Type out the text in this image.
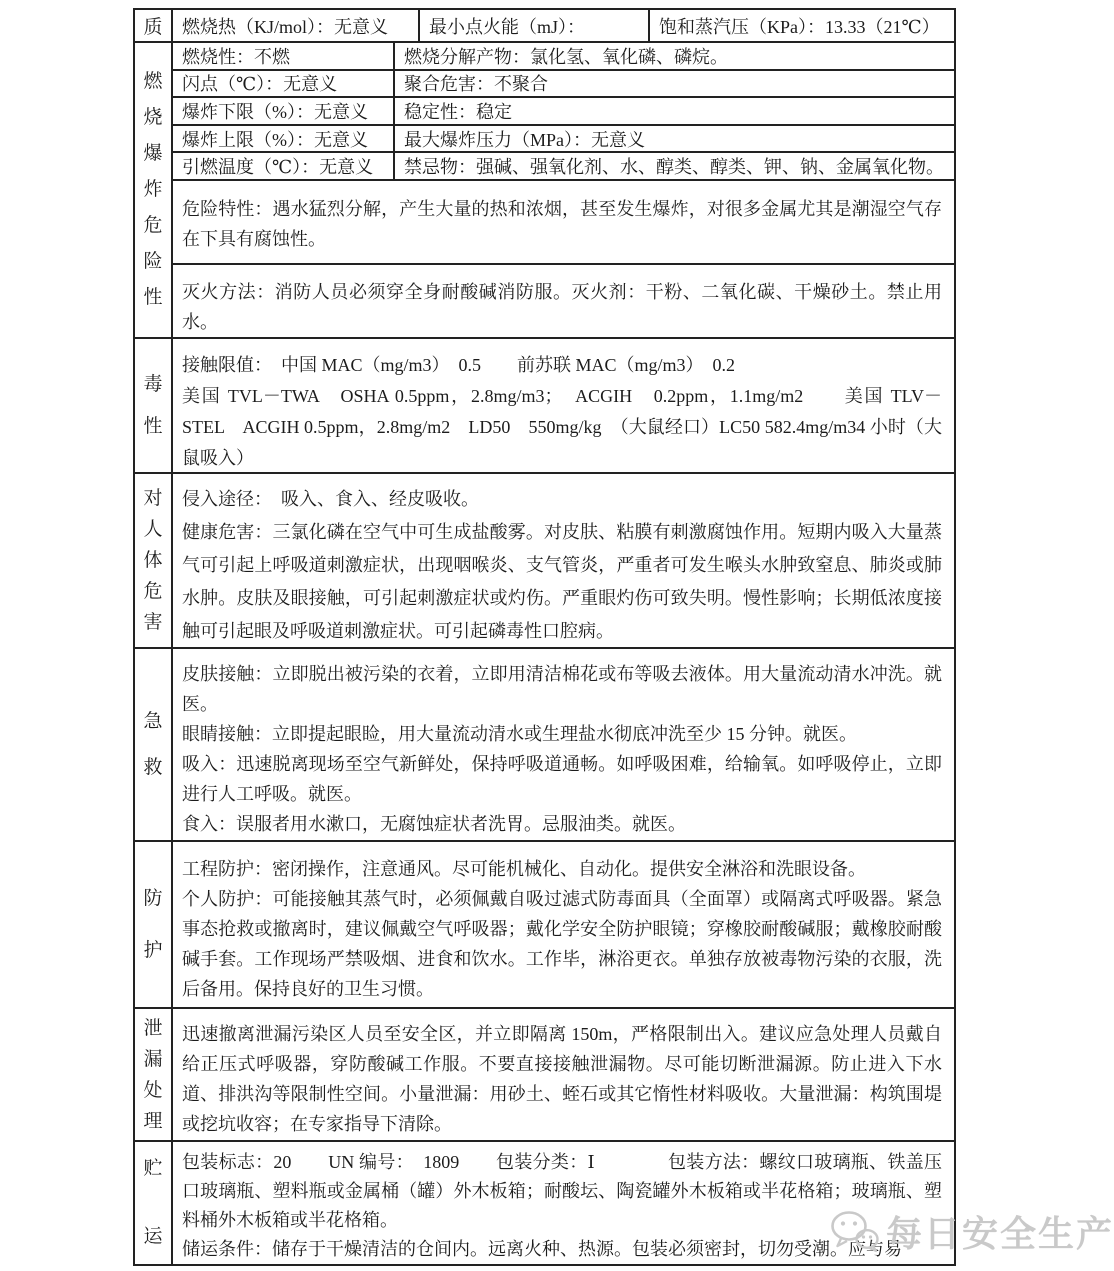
质	燃烧热（KJ/mol）：无意义	最小点火能（mJ）：	饱和蒸汽压（KPa）：13.33（21℃）
燃烧爆炸危险性
燃烧性：不燃	燃烧分解产物：氯化氢、氧化磷、磷烷。
闪点（℃）：无意义	聚合危害：不聚合
爆炸下限（%）：无意义	稳定性：稳定
爆炸上限（%）：无意义	最大爆炸压力（MPa）：无意义
引燃温度（℃）：无意义	禁忌物：强碱、强氧化剂、水、醇类、醇类、钾、钠、金属氧化物。
危险特性：遇水猛烈分解，产生大量的热和浓烟，甚至发生爆炸，对很多金属尤其是潮湿空气存在下具有腐蚀性。
灭火方法：消防人员必须穿全身耐酸碱消防服。灭火剂：干粉、二氧化碳、干燥砂土。禁止用水。
毒性
接触限值：　中国 MAC（mg/m3）　0.5　　前苏联 MAC（mg/m3）　0.2
美国 TVL－TWA　OSHA 0.5ppm，2.8mg/m3；　ACGIH　0.2ppm，1.1mg/m2　　美国 TLV－STEL　ACGIH 0.5ppm，2.8mg/m2　LD50　550mg/kg　（大鼠经口）LC50 582.4mg/m34 小时（大鼠吸入）
对人体危害
侵入途径：　吸入、食入、经皮吸收。
健康危害：三氯化磷在空气中可生成盐酸雾。对皮肤、粘膜有刺激腐蚀作用。短期内吸入大量蒸气可引起上呼吸道刺激症状，出现咽喉炎、支气管炎，严重者可发生喉头水肿致窒息、肺炎或肺水肿。皮肤及眼接触，可引起刺激症状或灼伤。严重眼灼伤可致失明。慢性影响；长期低浓度接触可引起眼及呼吸道刺激症状。可引起磷毒性口腔病。
急救
皮肤接触：立即脱出被污染的衣着，立即用清洁棉花或布等吸去液体。用大量流动清水冲洗。就医。
眼睛接触：立即提起眼睑，用大量流动清水或生理盐水彻底冲洗至少 15 分钟。就医。
吸入：迅速脱离现场至空气新鲜处，保持呼吸道通畅。如呼吸困难，给输氧。如呼吸停止，立即进行人工呼吸。就医。
食入：误服者用水漱口，无腐蚀症状者洗胃。忌服油类。就医。
防护
工程防护：密闭操作，注意通风。尽可能机械化、自动化。提供安全淋浴和洗眼设备。
个人防护：可能接触其蒸气时，必须佩戴自吸过滤式防毒面具（全面罩）或隔离式呼吸器。紧急事态抢救或撤离时，建议佩戴空气呼吸器；戴化学安全防护眼镜；穿橡胶耐酸碱服；戴橡胶耐酸碱手套。工作现场严禁吸烟、进食和饮水。工作毕，淋浴更衣。单独存放被毒物污染的衣服，洗后备用。保持良好的卫生习惯。
泄漏处理
迅速撤离泄漏污染区人员至安全区，并立即隔离 150m，严格限制出入。建议应急处理人员戴自给正压式呼吸器，穿防酸碱工作服。不要直接接触泄漏物。尽可能切断泄漏源。防止进入下水道、排洪沟等限制性空间。小量泄漏：用砂土、蛭石或其它惰性材料吸收。大量泄漏：构筑围堤或挖坑收容；在专家指导下清除。
贮运
包装标志：20　　UN 编号：　1809　　包装分类：Ⅰ　　　　包装方法：螺纹口玻璃瓶、铁盖压口玻璃瓶、塑料瓶或金属桶（罐）外木板箱；耐酸坛、陶瓷罐外木板箱或半花格箱；玻璃瓶、塑料桶外木板箱或半花格箱。
储运条件：储存于干燥清洁的仓间内。远离火种、热源。包装必须密封，切勿受潮。应与易
每日安全生产
